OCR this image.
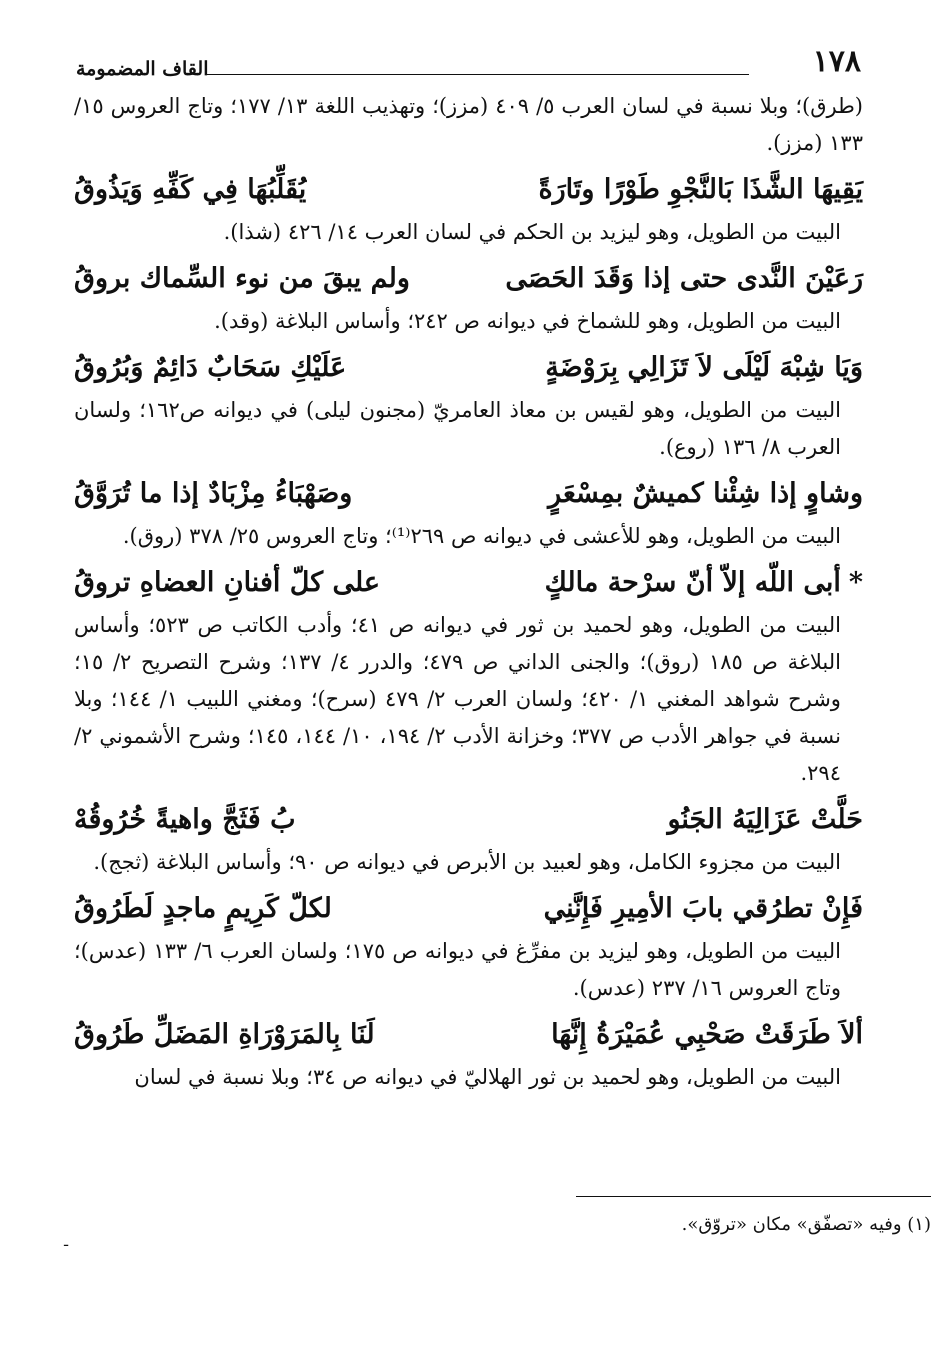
١٧٨
القاف المضمومة
(طرق)؛ وبلا نسبة في لسان العرب ٥/ ٤٠٩ (مزز)؛ وتهذيب اللغة ١٣/ ١٧٧؛ وتاج العروس ١٥/ ١٣٣ (مزز).
يَقِيهَا الشَّذَا بَالنَّجْوِ طَوْرًا وتَارَةً
يُقَلِّبُهَا فِي كَفِّهِ وَيَذُوقُ
البيت من الطويل، وهو ليزيد بن الحكم في لسان العرب ١٤/ ٤٢٦ (شذا).
رَعَيْنَ النَّدى حتى إذا وَقَدَ الحَصَى
ولم يبقَ من نوء السِّماك بروقُ
البيت من الطويل، وهو للشماخ في ديوانه ص ٢٤٢؛ وأساس البلاغة (وقد).
وَيَا شِبْهَ لَيْلَى لاَ تَزَالِي بِرَوْضَةٍ
عَلَيْكِ سَحَابٌ دَائِمٌ وَبُرُوقُ
البيت من الطويل، وهو لقيس بن معاذ العامريّ (مجنون ليلى) في ديوانه ص١٦٢؛ ولسان العرب ٨/ ١٣٦ (روع).
وشاوٍ إذا شِئْنا كميشٌ بمِسْعَرٍ
وصَهْبَاءُ مِزْبَادٌ إذا ما تُرَوَّقُ
البيت من الطويل، وهو للأعشى في ديوانه ص ٢٦٩⁽¹⁾؛ وتاج العروس ٢٥/ ٣٧٨ (روق).
*أبى اللّه إلاّ أنّ سرْحة مالكٍ
على كلّ أفنانِ العضاهِ تروقُ
البيت من الطويل، وهو لحميد بن ثور في ديوانه ص ٤١؛ وأدب الكاتب ص ٥٢٣؛ وأساس البلاغة ص ١٨٥ (روق)؛ والجنى الداني ص ٤٧٩؛ والدرر ٤/ ١٣٧؛ وشرح التصريح ٢/ ١٥؛ وشرح شواهد المغني ١/ ٤٢٠؛ ولسان العرب ٢/ ٤٧٩ (سرح)؛ ومغني اللبيب ١/ ١٤٤؛ وبلا نسبة في جواهر الأدب ص ٣٧٧؛ وخزانة الأدب ٢/ ١٩٤، ١٠/ ١٤٤، ١٤٥؛ وشرح الأشموني ٢/ ٢٩٤.
حَلَّتْ عَزَالِيَهُ الجَنُو
بُ فَثَجَّ واهيةً خُرُوقُهْ
البيت من مجزوء الكامل، وهو لعبيد بن الأبرص في ديوانه ص ٩٠؛ وأساس البلاغة (ثجج).
فَإِنْ تطرُقي بابَ الأمِيرِ فَإِنَّنِي
لكلّ كَرِيمٍ ماجدٍ لَطَرُوقُ
البيت من الطويل، وهو ليزيد بن مفرِّغ في ديوانه ص ١٧٥؛ ولسان العرب ٦/ ١٣٣ (عدس)؛ وتاج العروس ١٦/ ٢٣٧ (عدس).
ألاَ طَرَقَتْ صَحْبِي عُمَيْرَةُ إِنَّهَا
لَنَا بِالمَرَوْرَاةِ المَضَلِّ طَرُوقُ
البيت من الطويل، وهو لحميد بن ثور الهلاليّ في ديوانه ص ٣٤؛ وبلا نسبة في لسان
ـ
(١) وفيه «تصفّق» مكان «تروّق».
